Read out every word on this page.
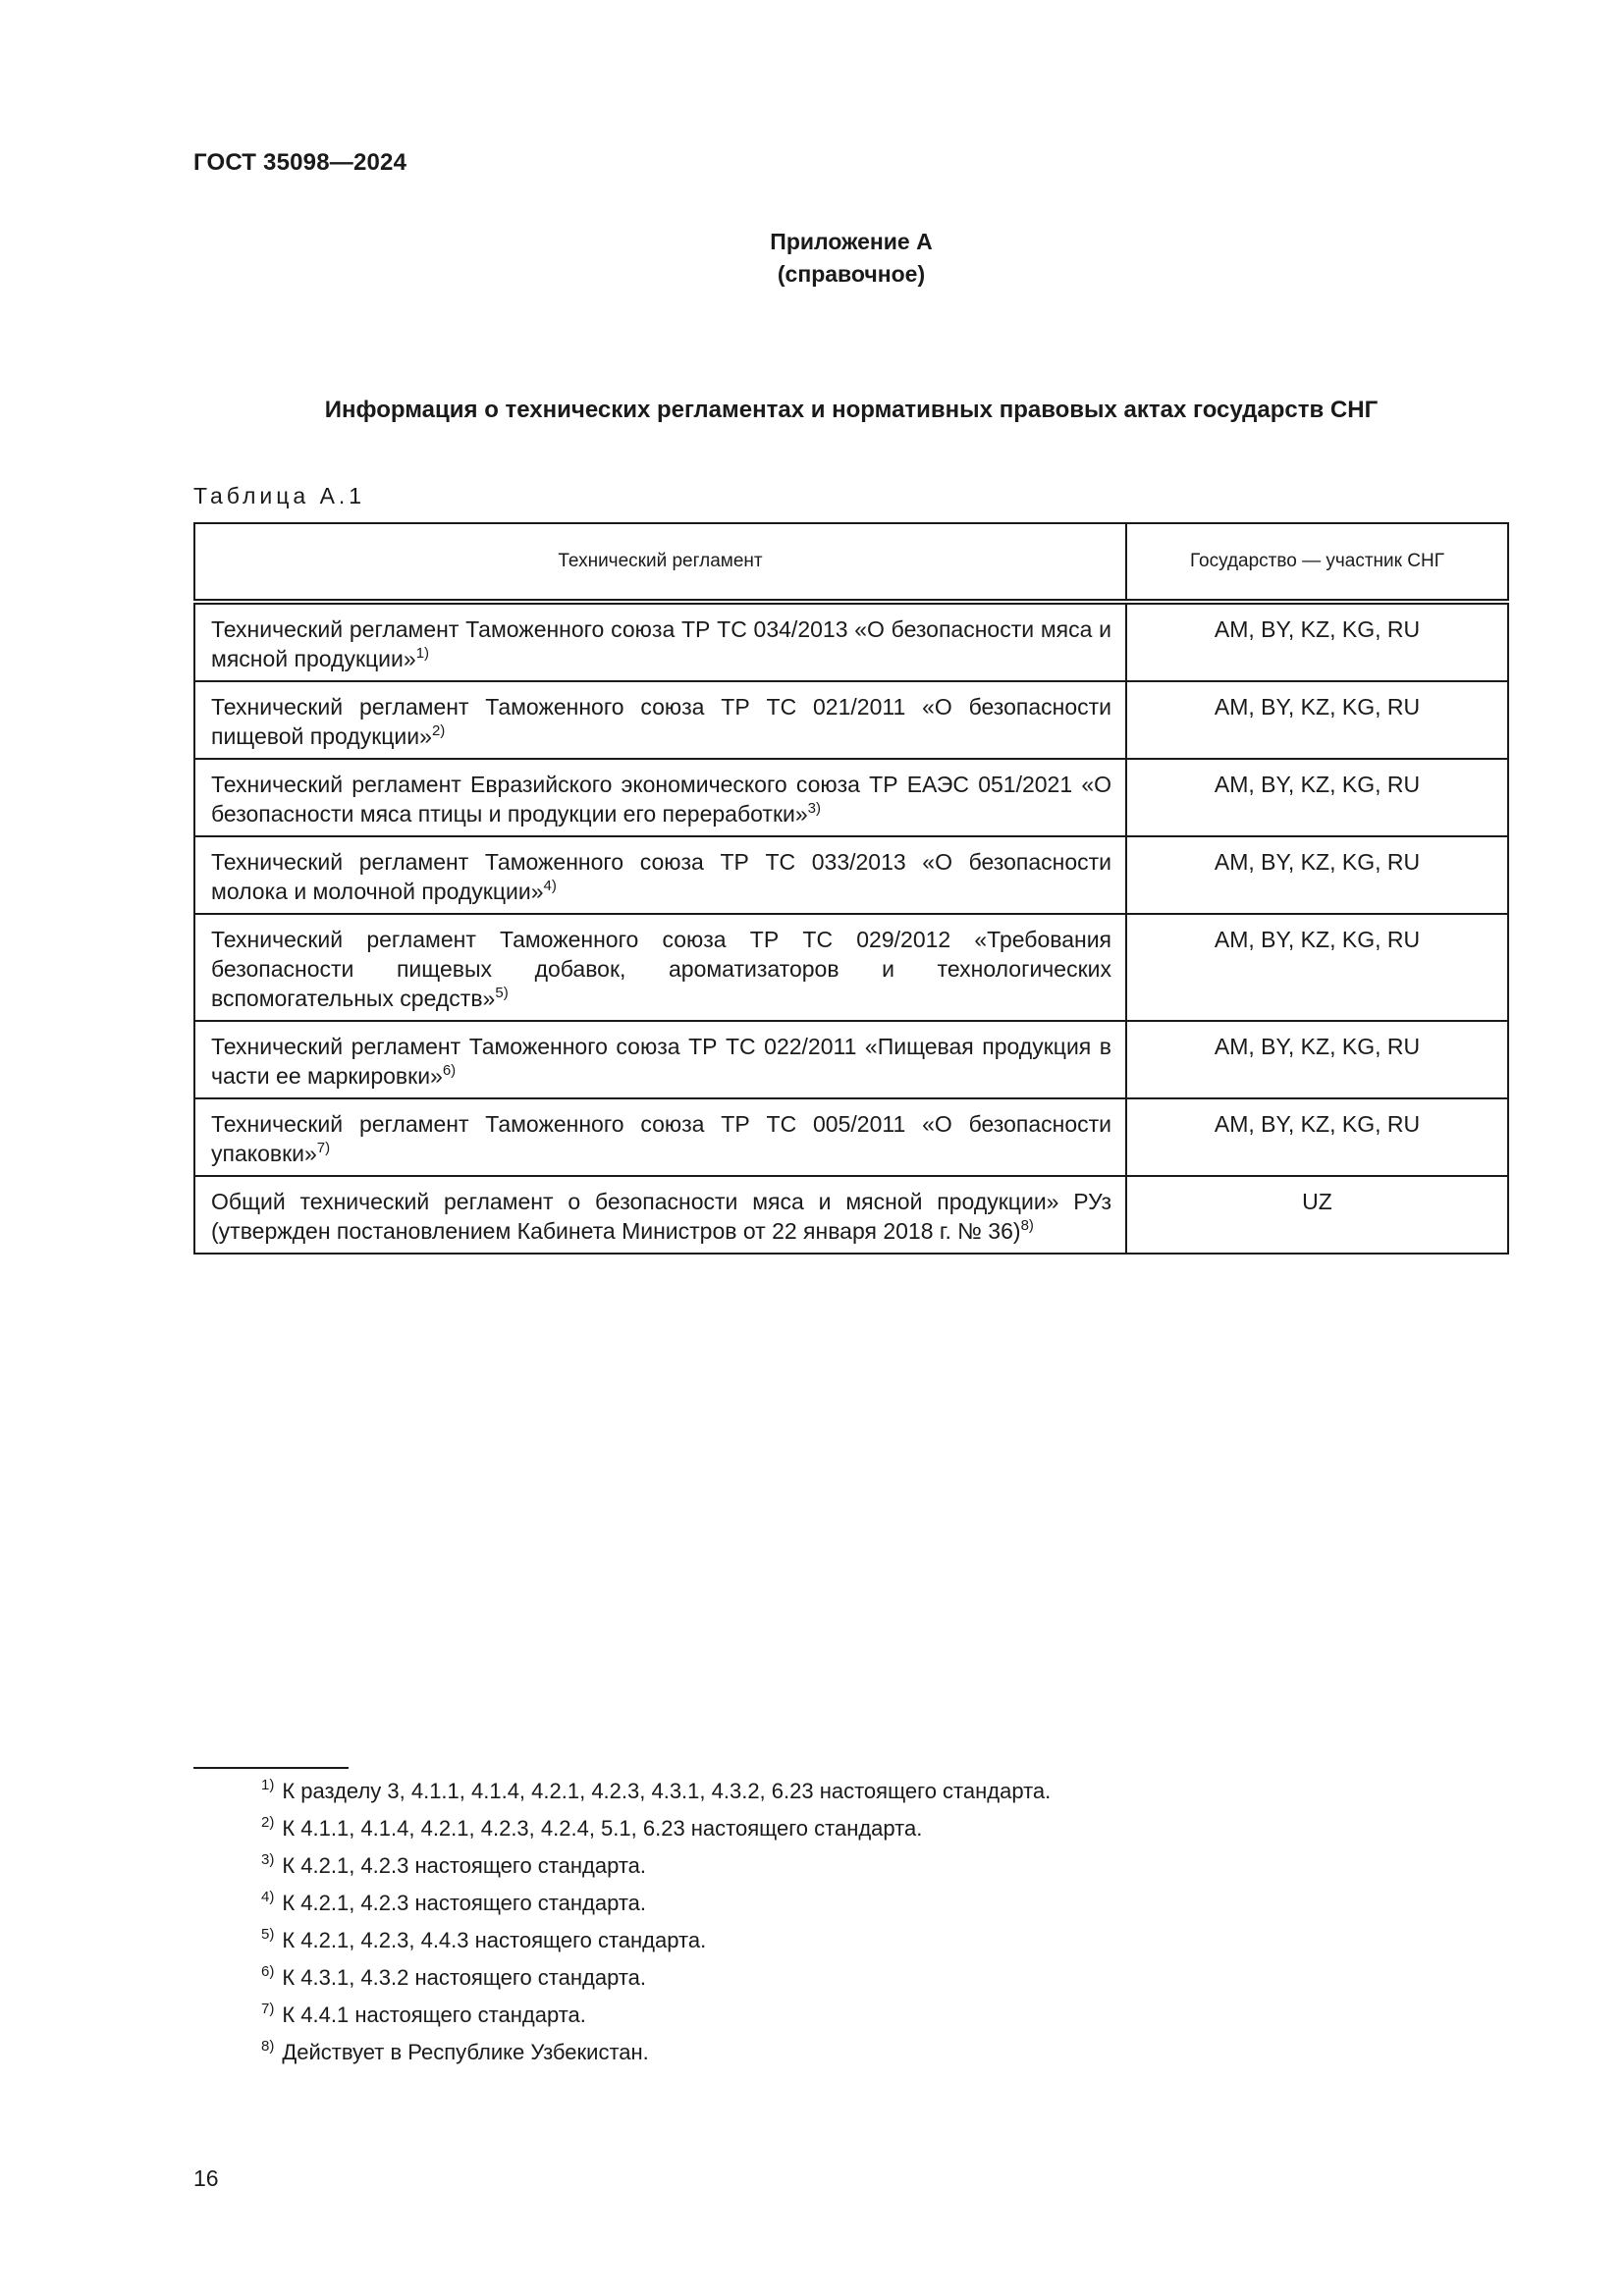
ГОСТ 35098—2024
Приложение А
(справочное)
Информация о технических регламентах и нормативных правовых актах государств СНГ
Таблица А.1
Технический регламент	Государство — участник СНГ
Технический регламент Таможенного союза ТР ТС 034/2013 «О безопасности мяса и мясной продукции»$^{1)}$	AM, BY, KZ, KG, RU
Технический регламент Таможенного союза ТР ТС 021/2011 «О безопасности пищевой продукции»$^{2)}$	AM, BY, KZ, KG, RU
Технический регламент Евразийского экономического союза ТР ЕАЭС 051/2021 «О безопасности мяса птицы и продукции его переработки»$^{3)}$	AM, BY, KZ, KG, RU
Технический регламент Таможенного союза ТР ТС 033/2013 «О безопасности молока и молочной продукции»$^{4)}$	AM, BY, KZ, KG, RU
Технический регламент Таможенного союза ТР ТС 029/2012 «Требования безопасности пищевых добавок, ароматизаторов и технологических вспомогательных средств»$^{5)}$	AM, BY, KZ, KG, RU
Технический регламент Таможенного союза ТР ТС 022/2011 «Пищевая продукция в части ее маркировки»$^{6)}$	AM, BY, KZ, KG, RU
Технический регламент Таможенного союза ТР ТС 005/2011 «О безопасности упаковки»$^{7)}$	AM, BY, KZ, KG, RU
Общий технический регламент о безопасности мяса и мясной продукции» РУз (утвержден постановлением Кабинета Министров от 22 января 2018 г. № 36)$^{8)}$	UZ
$^{1)}$ К разделу 3, 4.1.1, 4.1.4, 4.2.1, 4.2.3, 4.3.1, 4.3.2, 6.23 настоящего стандарта.
$^{2)}$ К 4.1.1, 4.1.4, 4.2.1, 4.2.3, 4.2.4, 5.1, 6.23 настоящего стандарта.
$^{3)}$ К 4.2.1, 4.2.3 настоящего стандарта.
$^{4)}$ К 4.2.1, 4.2.3 настоящего стандарта.
$^{5)}$ К 4.2.1, 4.2.3, 4.4.3 настоящего стандарта.
$^{6)}$ К 4.3.1, 4.3.2 настоящего стандарта.
$^{7)}$ К 4.4.1 настоящего стандарта.
$^{8)}$ Действует в Республике Узбекистан.
16
